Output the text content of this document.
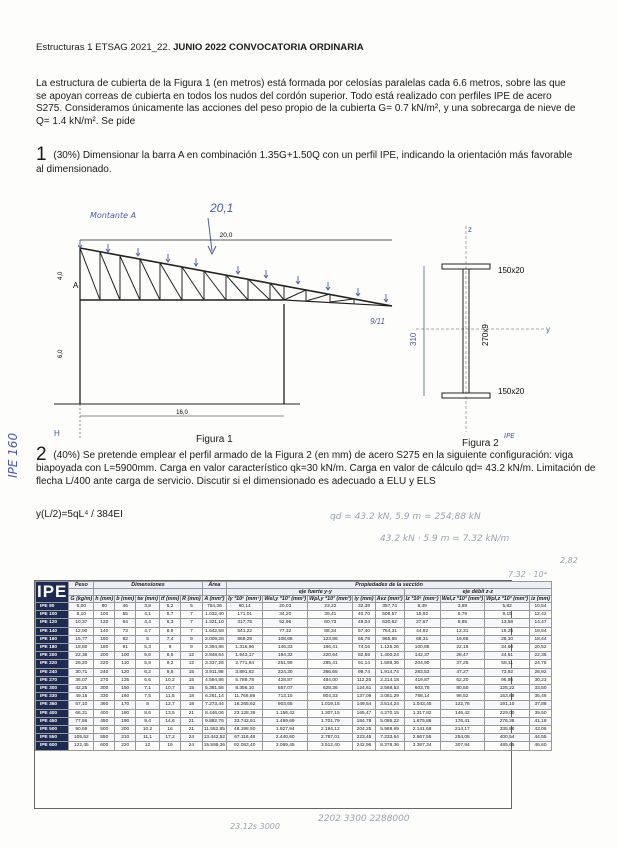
Estructuras 1 ETSAG 2021_22. JUNIO 2022 CONVOCATORIA ORDINARIA
La estructura de cubierta de la Figura 1 (en metros) está formada por celosías paralelas cada 6.6 metros, sobre las que se apoyan correas de cubierta en todos los nudos del cordón superior. Todo está realizado con perfiles IPE de acero S275. Consideramos únicamente las acciones del peso propio de la cubierta G= 0.7 kN/m², y una sobrecarga de nieve de Q= 1.4 kN/m². Se pide
1 (30%) Dimensionar la barra A en combinación 1.35G+1.50Q con un perfil IPE, indicando la orientación más favorable al dimensionado.
Montante A
20,1
20,0
16,0
4,0
6,0
A
9/11
H
Figura 1
z
y
150x20
150x20
270x9
310
Figura 2
IPE
IPE 160 2 (40%) Se pretende emplear el perfil armado de la Figura 2 (en mm) de acero S275 en la siguiente configuración: viga biapoyada con L=5900mm. Carga en valor característico qk=30 kN/m. Carga en valor de cálculo qd= 43.2 kN/m. Limitación de flecha L/400 ante carga de servicio. Discutir si el dimensionado es adecuado a ELU y ELS
y(L/2)=5qL⁴ / 384EI	qd = 43.2 kN, 5.9 m = 254,88 kN
43.2 kN · 5.9 m = 7.32 kN/m
7.32 · 10⁴
2,82
23.12s 3000
2202 3300 2288000
IPE	Peso	Dimensiones					Área	Propiedades de la sección								
								eje fuerte y-y					eje débil z-z			
	G (kg/m)	h (mm)	b (mm)	tw (mm)	tf (mm)	R (mm)	A (mm²)	Iy *10⁶ (mm⁴)	Wel,y *10³ (mm³)	Wpl,y *10³ (mm³)	iy (mm)	Avz (mm²)	Iz *10⁶ (mm⁴)	Wel,z *10³ (mm³)	Wpl,z *10³ (mm³)	iz (mm)
IPE 80	6,00	80	46	3,8	5,2	5	764,36	80,14	20,03	23,22	32,38	357,74	8,49	3,69	5,82	10,54
IPE 100	8,10	100	55	4,1	5,7	7	1.032,40	171,01	34,20	39,41	40,70	508,57	15,92	5,79	9,15	12,42
IPE 120	10,37	120	64	4,4	6,3	7	1.321,10	317,75	52,96	60,73	49,04	630,62	27,67	8,65	13,58	14,47
IPE 140	12,90	140	73	4,7	6,9	7	1.642,58	541,22	77,32	88,34	57,40	764,31	44,92	12,31	19,25	16,54
IPE 160	15,77	160	82	5	7,4	9	2.009,26	869,29	108,66	123,86	65,78	965,66	68,31	16,66	26,10	18,44
IPE 180	18,80	180	91	5,3	8	9	2.394,86	1.316,96	146,33	166,41	74,16	1.125,26	100,85	22,16	34,60	20,52
IPE 200	22,36	200	100	5,6	8,5	12	2.848,64	1.943,17	194,32	220,64	82,59	1.400,24	142,37	28,47	44,61	22,36
IPE 220	26,20	220	110	5,9	9,2	12	3.337,26	2.771,84	251,99	285,41	91,14	1.588,36	204,90	37,25	58,11	24,78
IPE 240	30,71	240	120	6,2	9,8	15	3.911,98	3.891,62	324,30	366,65	99,74	1.914,74	283,53	47,27	73,92	26,92
IPE 270	36,07	270	135	6,6	10,2	15	4.594,86	5.789,78	428,87	484,00	112,25	2.214,18	419,87	62,20	96,95	30,23
IPE 300	42,25	300	150	7,1	10,7	15	5.381,56	8.356,10	557,07	628,36	124,61	2.568,53	603,78	80,50	125,22	33,50
IPE 330	49,15	330	160	7,5	11,5	18	6.261,14	11.766,89	713,15	804,33	137,09	3.081,29	788,14	98,52	153,68	35,48
IPE 360	57,10	360	170	8	12,7	18	7.273,44	16.265,62	903,65	1.019,15	149,54	3.514,24	1.043,45	122,76	191,10	37,88
IPE 400	66,31	400	180	8,6	13,5	21	8.446,06	23.128,36	1.156,42	1.307,15	165,47	4.270,15	1.317,82	146,42	229,00	39,50
IPE 450	77,56	450	190	9,4	14,6	21	9.882,76	33.742,91	1.499,69	1.701,79	184,78	5.085,22	1.675,86	176,41	276,38	41,18
IPE 500	90,69	500	200	10,2	16	21	11.552,85	48.198,50	1.927,94	2.194,12	204,25	5.988,69	2.141,68	214,17	335,88	43,06
IPE 550	105,52	550	210	11,1	17,2	24	13.442,52	67.116,48	2.440,60	2.787,01	223,45	7.233,64	2.667,55	254,05	400,54	44,55
IPE 600	122,45	600	220	12	19	24	15.599,36	92.083,40	3.069,45	3.512,40	242,96	8.378,36	3.387,34	307,94	485,65	46,60
